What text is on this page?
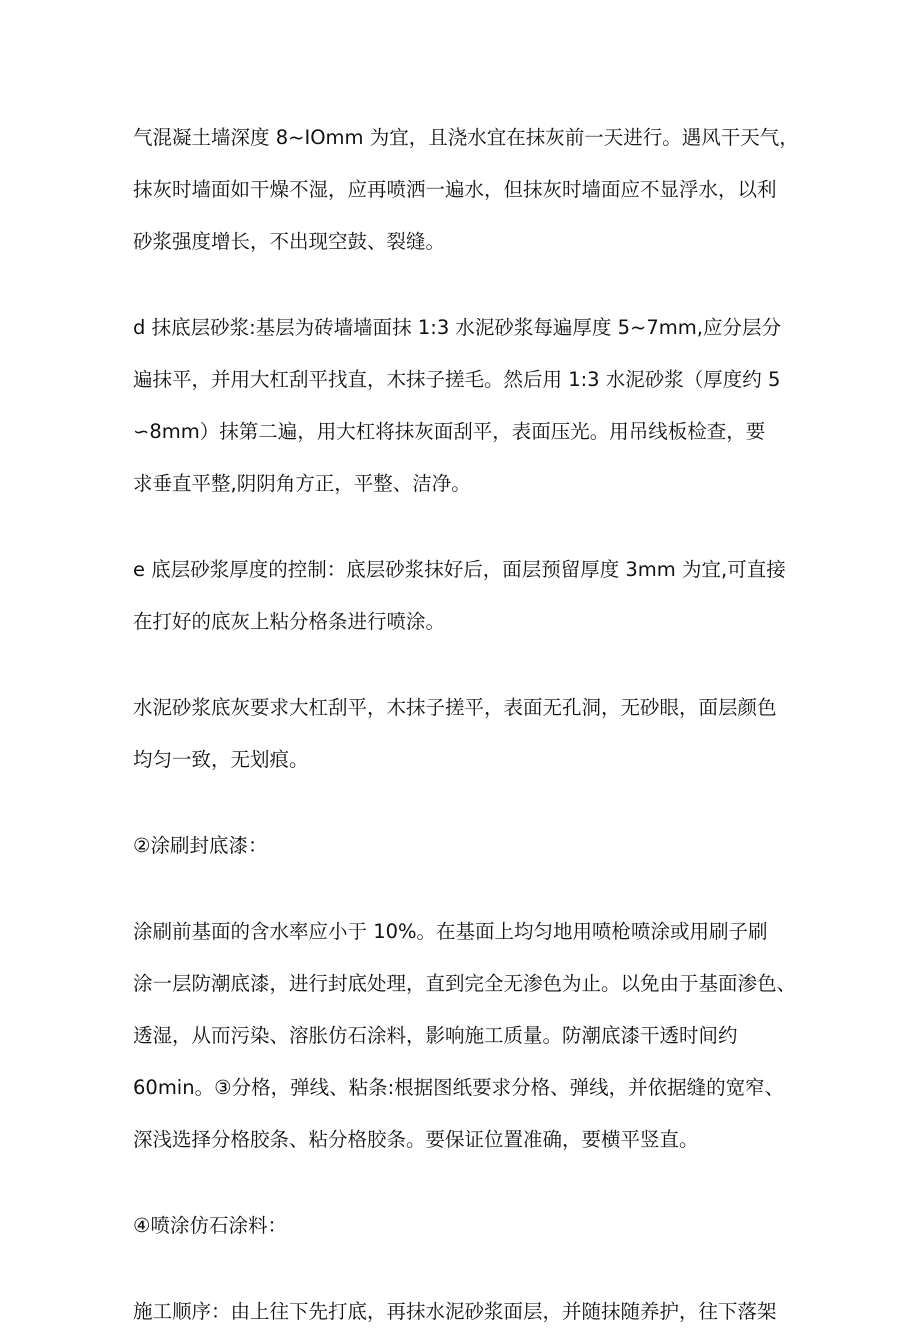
气混凝土墙深度 8~IOmm 为宜，且浇水宜在抹灰前一天进行。遇风干天气，
抹灰时墙面如干燥不湿，应再喷洒一遍水，但抹灰时墙面应不显浮水，以利
砂浆强度增长，不出现空鼓、裂缝。
d 抹底层砂浆:基层为砖墙墙面抹 1:3 水泥砂浆每遍厚度 5~7mm,应分层分
遍抹平，并用大杠刮平找直，木抹子搓毛。然后用 1:3 水泥砂浆（厚度约 5
∽8mm）抹第二遍，用大杠将抹灰面刮平，表面压光。用吊线板检查，要
求垂直平整,阴阴角方正，平整、洁净。
e 底层砂浆厚度的控制：底层砂浆抹好后，面层预留厚度 3mm 为宜,可直接
在打好的底灰上粘分格条进行喷涂。
水泥砂浆底灰要求大杠刮平，木抹子搓平，表面无孔洞，无砂眼，面层颜色
均匀一致，无划痕。
②涂刷封底漆：
涂刷前基面的含水率应小于 10%。在基面上均匀地用喷枪喷涂或用刷子刷
涂一层防潮底漆，进行封底处理，直到完全无渗色为止。以免由于基面渗色、
透湿，从而污染、溶胀仿石涂料，影响施工质量。防潮底漆干透时间约
60min。③分格，弹线、粘条:根据图纸要求分格、弹线，并依据缝的宽窄、
深浅选择分格胶条、粘分格胶条。要保证位置准确，要横平竖直。
④喷涂仿石涂料：
施工顺序：由上往下先打底，再抹水泥砂浆面层，并随抹随养护，往下落架
